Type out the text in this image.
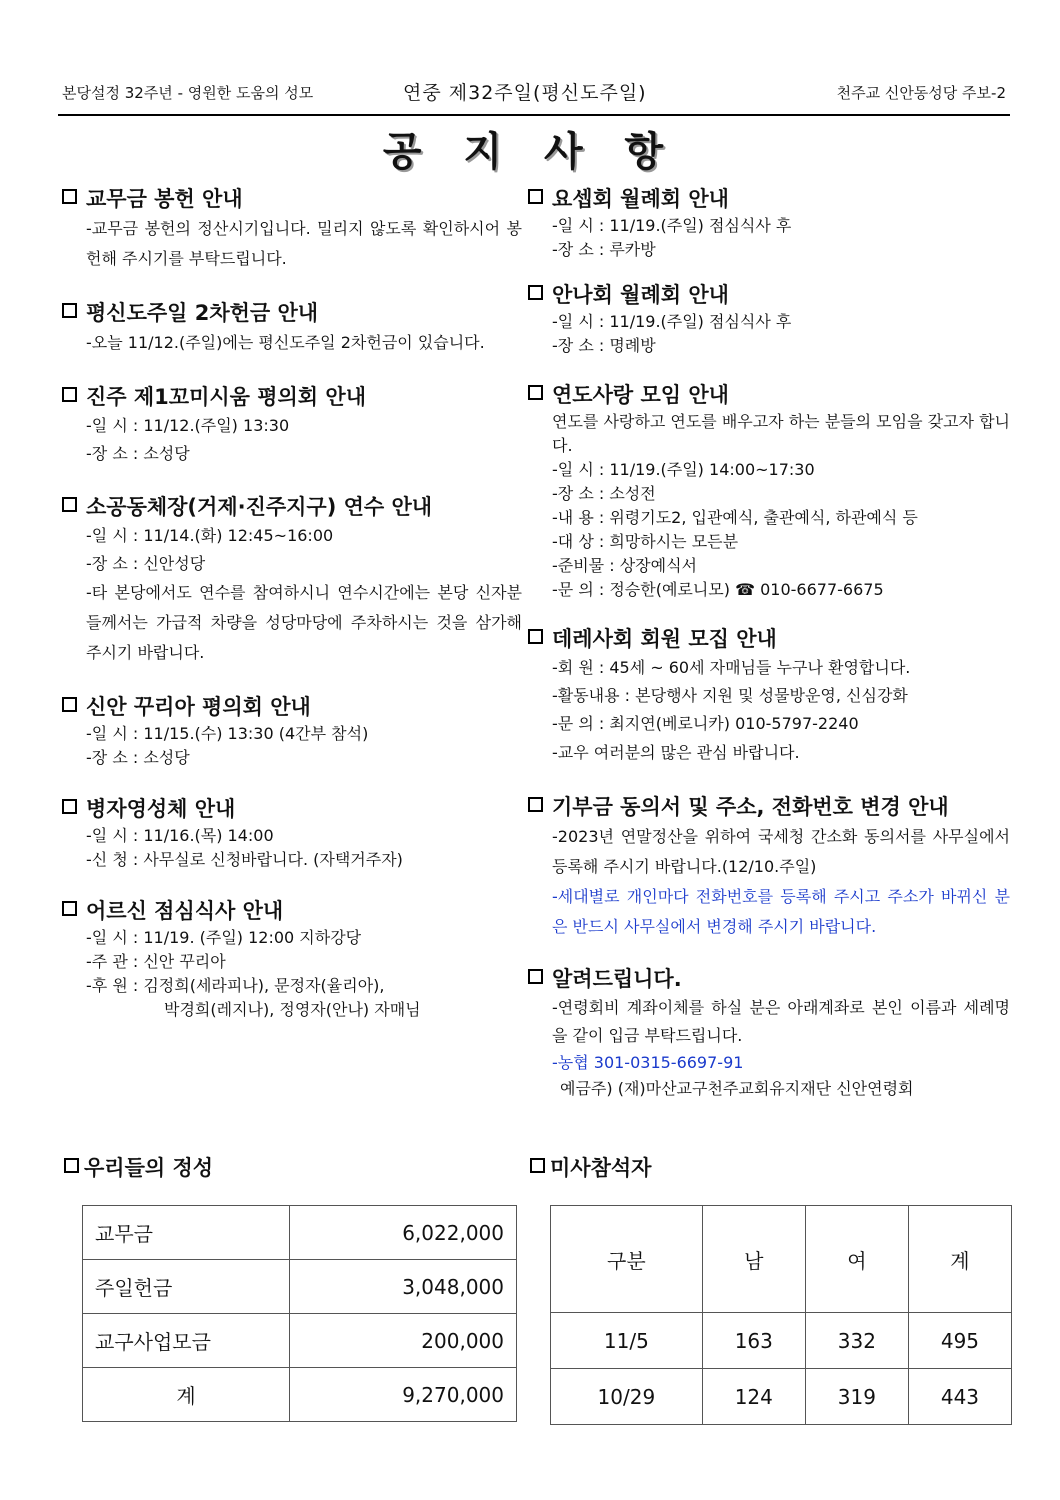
본당설정 32주년 - 영원한 도움의 성모	연중 제32주일(평신도주일)	천주교 신안동성당 주보-2
공 지 사 항
교무금 봉헌 안내
-교무금 봉헌의 정산시기입니다. 밀리지 않도록 확인하시어 봉헌해 주시기를 부탁드립니다.
평신도주일 2차헌금 안내
-오늘 11/12.(주일)에는 평신도주일 2차헌금이 있습니다.
진주 제1꼬미시움 평의회 안내
-일 시 : 11/12.(주일) 13:30
-장 소 : 소성당
소공동체장(거제·진주지구) 연수 안내
-일 시 : 11/14.(화) 12:45~16:00
-장 소 : 신안성당
-타 본당에서도 연수를 참여하시니 연수시간에는 본당 신자분들께서는 가급적 차량을 성당마당에 주차하시는 것을 삼가해 주시기 바랍니다.
신안 꾸리아 평의회 안내
-일 시 : 11/15.(수) 13:30 (4간부 참석)
-장 소 : 소성당
병자영성체 안내
-일 시 : 11/16.(목) 14:00
-신 청 : 사무실로 신청바랍니다. (자택거주자)
어르신 점심식사 안내
-일 시 : 11/19. (주일) 12:00 지하강당
-주 관 : 신안 꾸리아
-후 원 : 김정희(세라피나), 문정자(율리아),
박경희(레지나), 정영자(안나) 자매님
요셉회 월례회 안내
-일 시 : 11/19.(주일) 점심식사 후
-장 소 : 루카방
안나회 월례회 안내
-일 시 : 11/19.(주일) 점심식사 후
-장 소 : 명례방
연도사랑 모임 안내
연도를 사랑하고 연도를 배우고자 하는 분들의 모임을 갖고자 합니다.
-일 시 : 11/19.(주일) 14:00~17:30
-장 소 : 소성전
-내 용 : 위령기도2, 입관예식, 출관예식, 하관예식 등
-대 상 : 희망하시는 모든분
-준비물 : 상장예식서
-문 의 : 정승한(예로니모) ☎ 010-6677-6675
데레사회 회원 모집 안내
-회 원 : 45세 ~ 60세 자매님들 누구나 환영합니다.
-활동내용 : 본당행사 지원 및 성물방운영, 신심강화
-문 의 : 최지연(베로니카) 010-5797-2240
-교우 여러분의 많은 관심 바랍니다.
기부금 동의서 및 주소, 전화번호 변경 안내
-2023년 연말정산을 위하여 국세청 간소화 동의서를 사무실에서 등록해 주시기 바랍니다.(12/10.주일)
-세대별로 개인마다 전화번호를 등록해 주시고 주소가 바뀌신 분은 반드시 사무실에서 변경해 주시기 바랍니다.
알려드립니다.
-연령회비 계좌이체를 하실 분은 아래계좌로 본인 이름과 세례명을 같이 입금 부탁드립니다.
-농협 301-0315-6697-91
예금주) (재)마산교구천주교회유지재단 신안연령회
우리들의 정성	미사참석자
교무금	6,022,000
주일헌금	3,048,000
교구사업모금	200,000
계	9,270,000
구분	남	여	계
11/5	163	332	495
10/29	124	319	443
